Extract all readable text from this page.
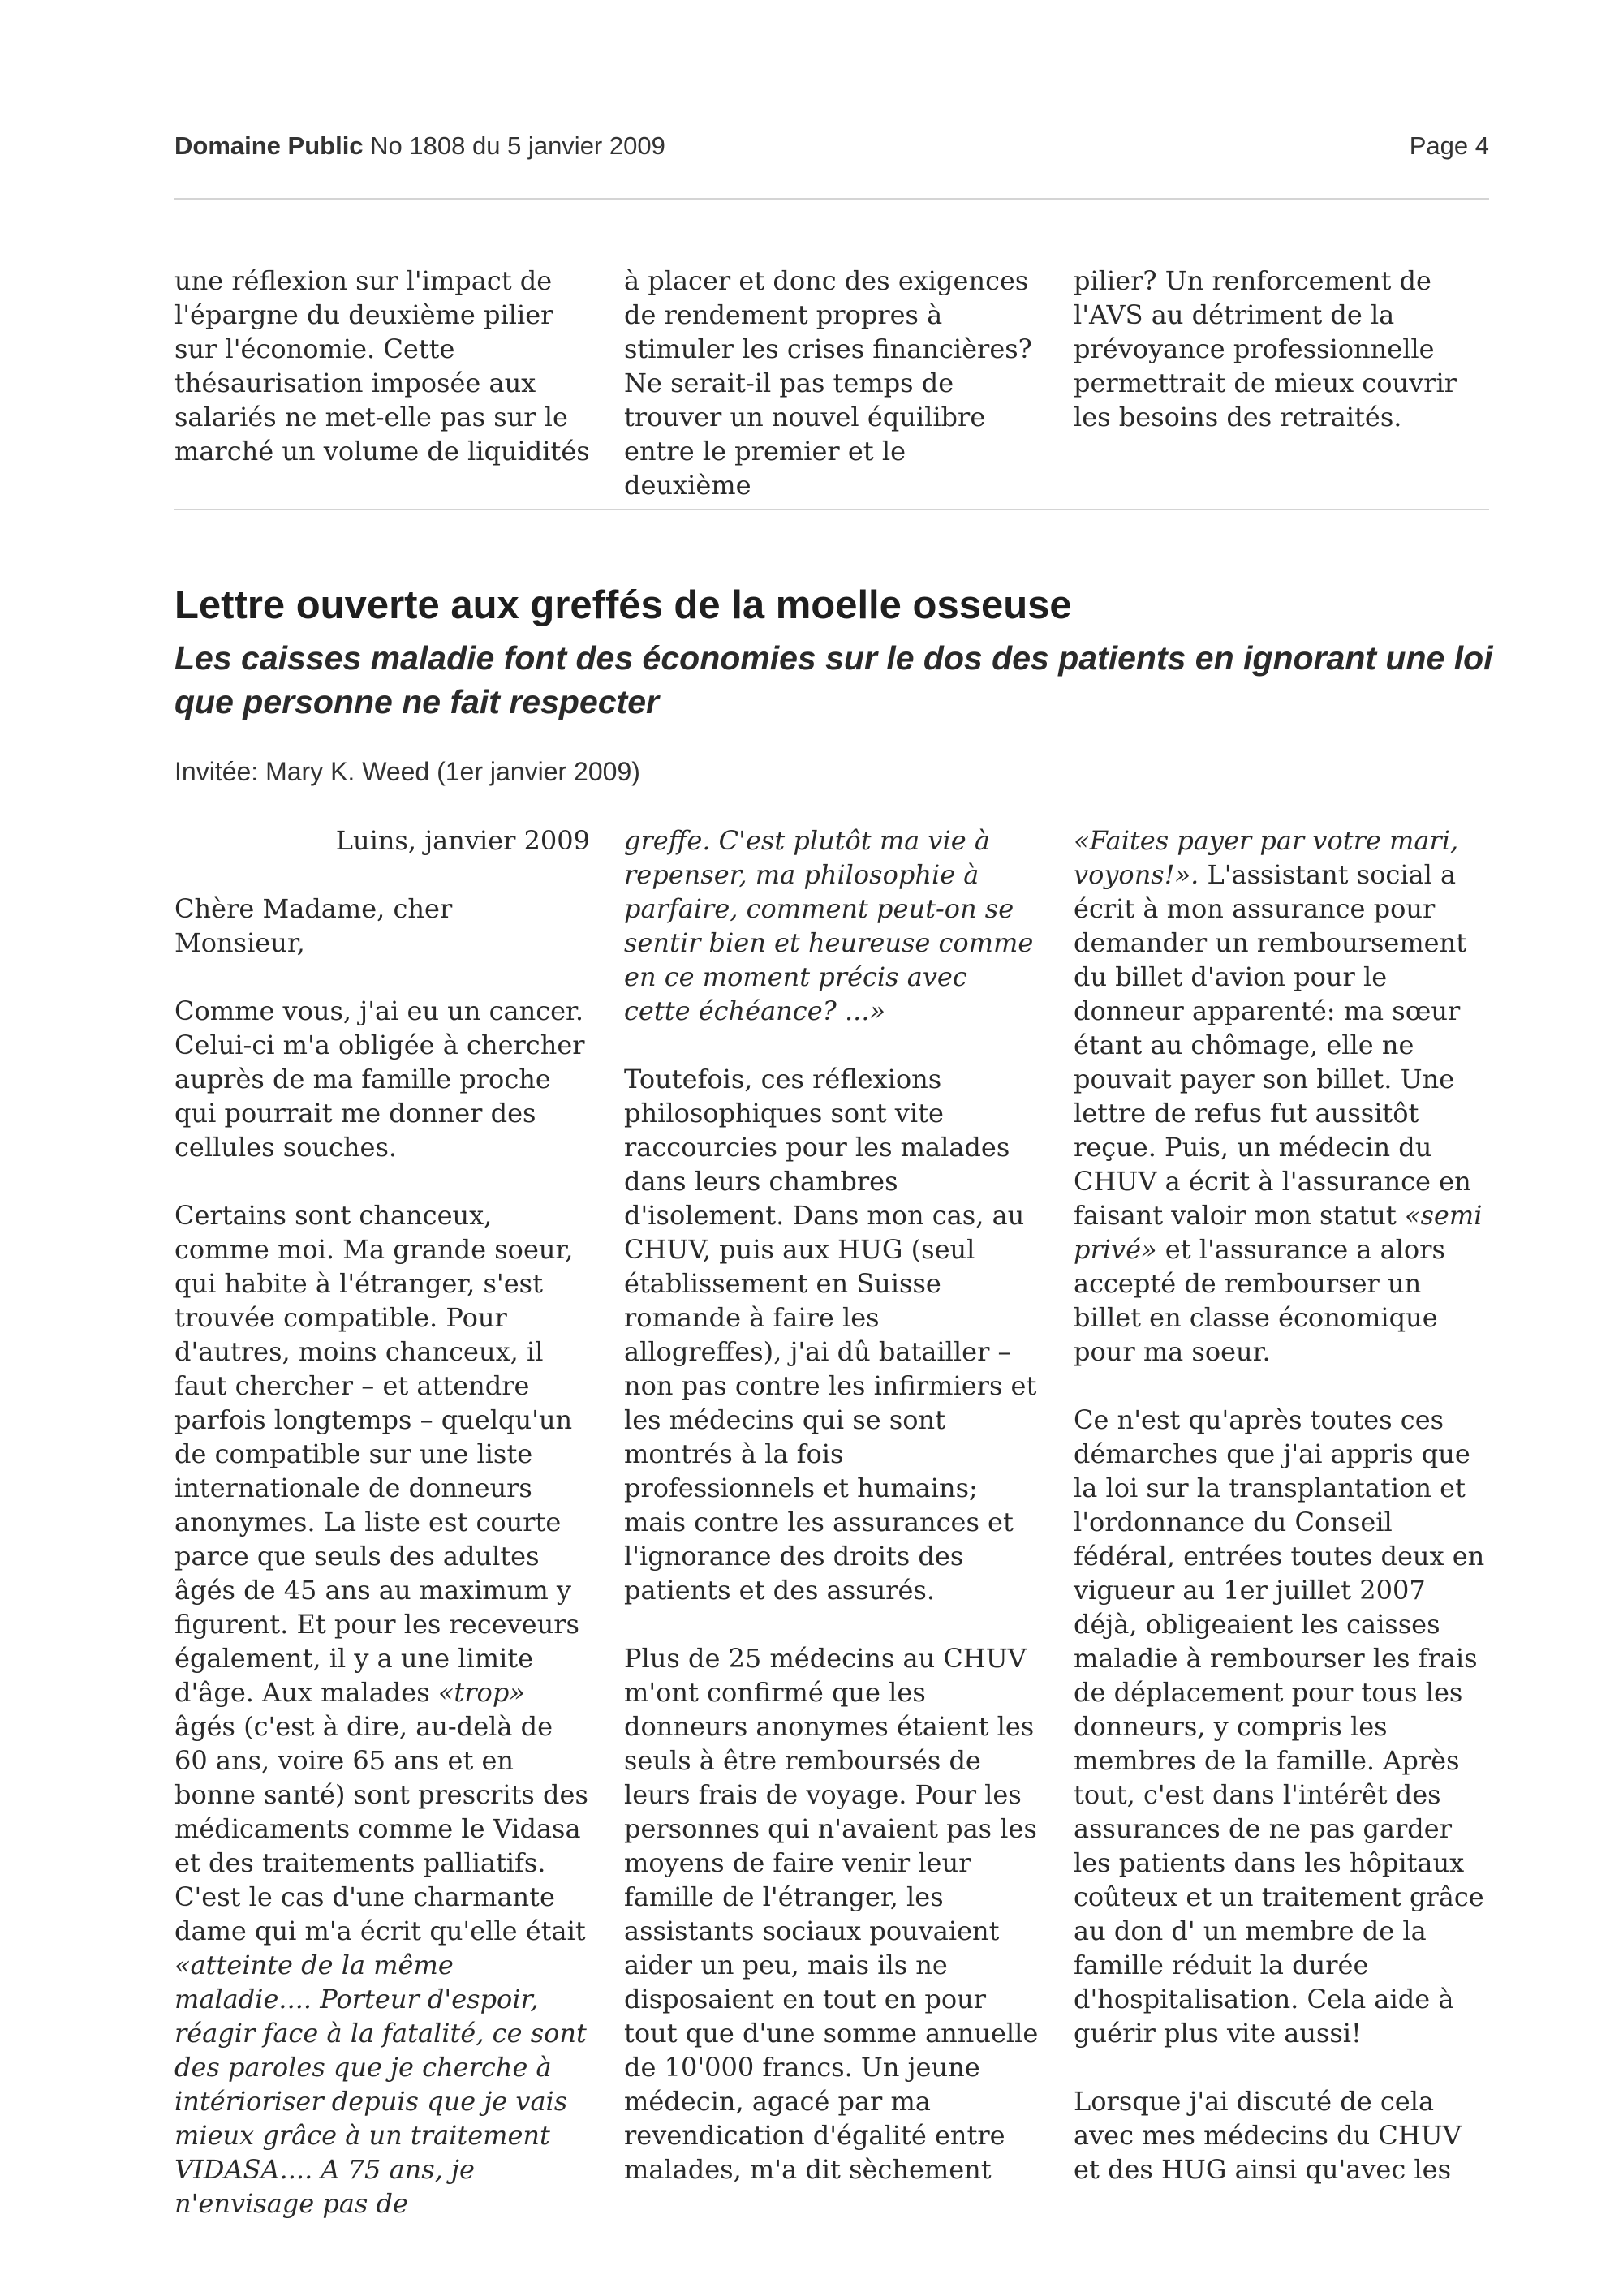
Domaine Public No 1808 du 5 janvier 2009	Page 4

une réflexion sur l'impact de l'épargne du deuxième pilier sur l'économie. Cette thésaurisation imposée aux salariés ne met-elle pas sur le marché un volume de liquidités

à placer et donc des exigences de rendement propres à stimuler les crises financières? Ne serait-il pas temps de trouver un nouvel équilibre entre le premier et le deuxième

pilier? Un renforcement de l'AVS au détriment de la prévoyance professionnelle permettrait de mieux couvrir les besoins des retraités.

Lettre ouverte aux greffés de la moelle osseuse
Les caisses maladie font des économies sur le dos des patients en ignorant une loi que personne ne fait respecter
Invitée: Mary K. Weed (1er janvier 2009)

Luins, janvier 2009

Chère Madame, cher Monsieur,

Comme vous, j'ai eu un cancer. Celui-ci m'a obligée à chercher auprès de ma famille proche qui pourrait me donner des cellules souches.

Certains sont chanceux, comme moi. Ma grande soeur, qui habite à l'étranger, s'est trouvée compatible. Pour d'autres, moins chanceux, il faut chercher – et attendre parfois longtemps – quelqu'un de compatible sur une liste internationale de donneurs anonymes. La liste est courte parce que seuls des adultes âgés de 45 ans au maximum y figurent. Et pour les receveurs également, il y a une limite d'âge. Aux malades «trop» âgés (c'est à dire, au-delà de 60 ans, voire 65 ans et en bonne santé) sont prescrits des médicaments comme le Vidasa et des traitements palliatifs. C'est le cas d'une charmante dame qui m'a écrit qu'elle était «atteinte de la même maladie.... Porteur d'espoir, réagir face à la fatalité, ce sont des paroles que je cherche à intérioriser depuis que je vais mieux grâce à un traitement VIDASA.... A 75 ans, je n'envisage pas de

greffe. C'est plutôt ma vie à repenser, ma philosophie à parfaire, comment peut-on se sentir bien et heureuse comme en ce moment précis avec cette échéance? ...»

Toutefois, ces réflexions philosophiques sont vite raccourcies pour les malades dans leurs chambres d'isolement. Dans mon cas, au CHUV, puis aux HUG (seul établissement en Suisse romande à faire les allogreffes), j'ai dû batailler – non pas contre les infirmiers et les médecins qui se sont montrés à la fois professionnels et humains; mais contre les assurances et l'ignorance des droits des patients et des assurés.

Plus de 25 médecins au CHUV m'ont confirmé que les donneurs anonymes étaient les seuls à être remboursés de leurs frais de voyage. Pour les personnes qui n'avaient pas les moyens de faire venir leur famille de l'étranger, les assistants sociaux pouvaient aider un peu, mais ils ne disposaient en tout en pour tout que d'une somme annuelle de 10'000 francs. Un jeune médecin, agacé par ma revendication d'égalité entre malades, m'a dit sèchement

«Faites payer par votre mari, voyons!». L'assistant social a écrit à mon assurance pour demander un remboursement du billet d'avion pour le donneur apparenté: ma sœur étant au chômage, elle ne pouvait payer son billet. Une lettre de refus fut aussitôt reçue. Puis, un médecin du CHUV a écrit à l'assurance en faisant valoir mon statut «semi privé» et l'assurance a alors accepté de rembourser un billet en classe économique pour ma soeur.

Ce n'est qu'après toutes ces démarches que j'ai appris que la loi sur la transplantation et l'ordonnance du Conseil fédéral, entrées toutes deux en vigueur au 1er juillet 2007 déjà, obligeaient les caisses maladie à rembourser les frais de déplacement pour tous les donneurs, y compris les membres de la famille. Après tout, c'est dans l'intérêt des assurances de ne pas garder les patients dans les hôpitaux coûteux et un traitement grâce au don d' un membre de la famille réduit la durée d'hospitalisation. Cela aide à guérir plus vite aussi!

Lorsque j'ai discuté de cela avec mes médecins du CHUV et des HUG ainsi qu'avec les
